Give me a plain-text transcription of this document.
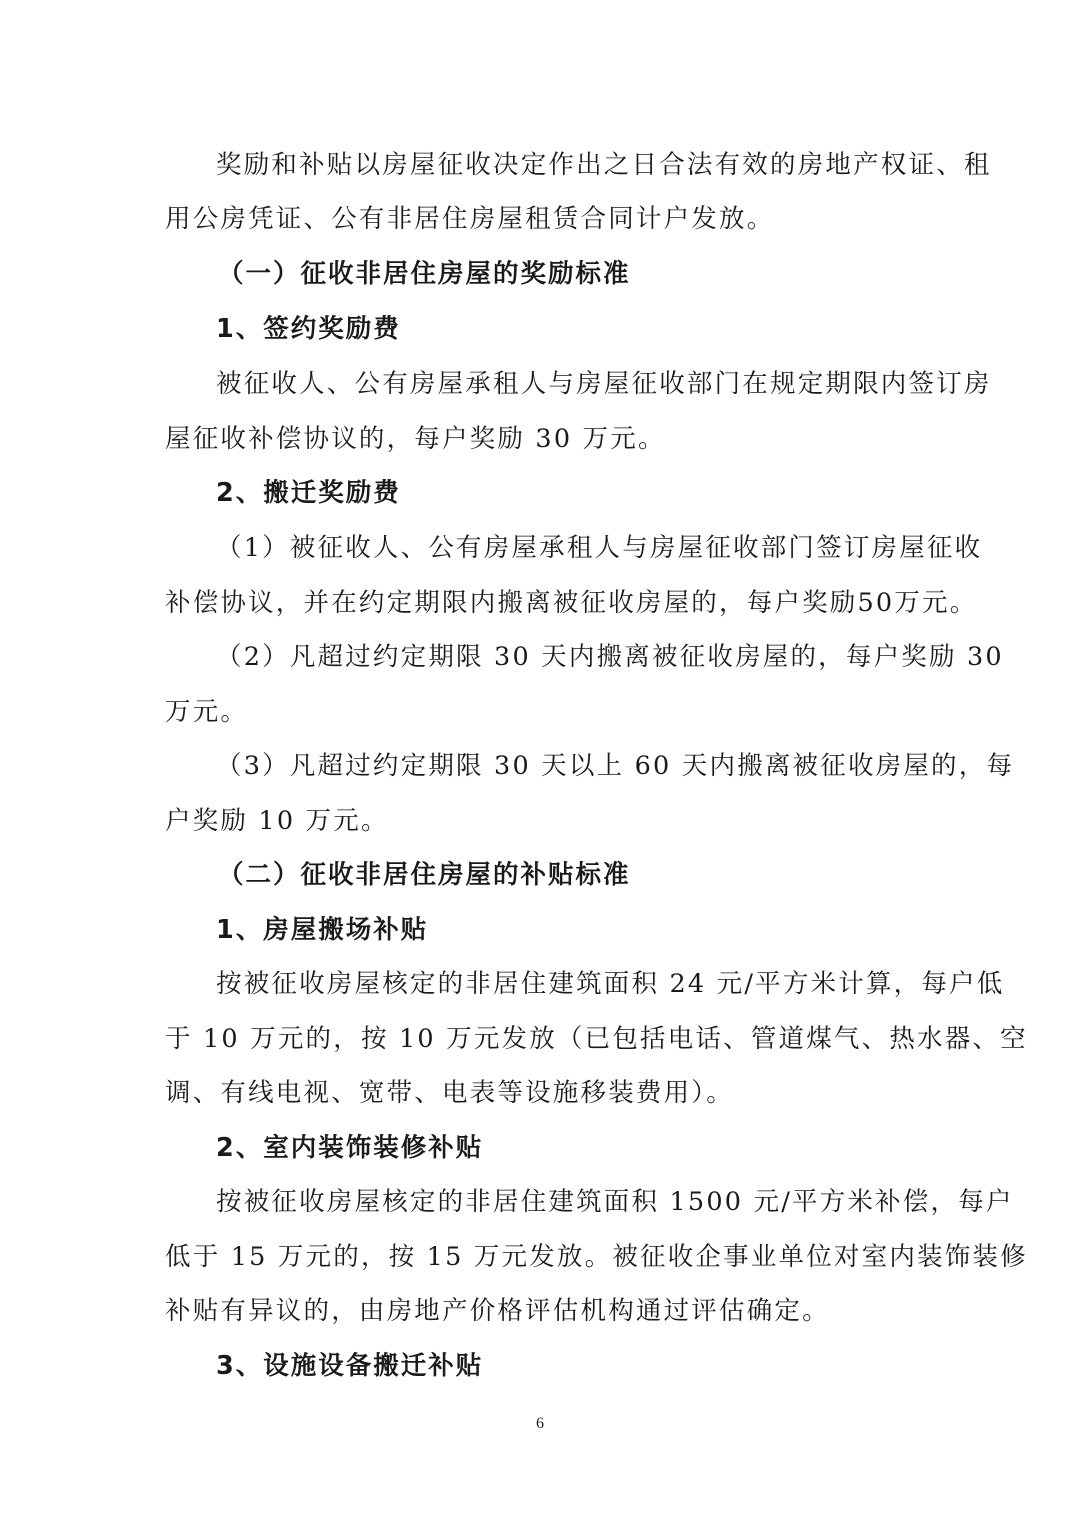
奖励和补贴以房屋征收决定作出之日合法有效的房地产权证、租
用公房凭证、公有非居住房屋租赁合同计户发放。
（一）征收非居住房屋的奖励标准
1、签约奖励费
被征收人、公有房屋承租人与房屋征收部门在规定期限内签订房
屋征收补偿协议的，每户奖励 30 万元。
2、搬迁奖励费
（1）被征收人、公有房屋承租人与房屋征收部门签订房屋征收
补偿协议，并在约定期限内搬离被征收房屋的，每户奖励50万元。
（2）凡超过约定期限 30 天内搬离被征收房屋的，每户奖励 30
万元。
（3）凡超过约定期限 30 天以上 60 天内搬离被征收房屋的，每
户奖励 10 万元。
（二）征收非居住房屋的补贴标准
1、房屋搬场补贴
按被征收房屋核定的非居住建筑面积 24 元/平方米计算，每户低
于 10 万元的，按 10 万元发放（已包括电话、管道煤气、热水器、空
调、有线电视、宽带、电表等设施移装费用）。
2、室内装饰装修补贴
按被征收房屋核定的非居住建筑面积 1500 元/平方米补偿，每户
低于 15 万元的，按 15 万元发放。被征收企事业单位对室内装饰装修
补贴有异议的，由房地产价格评估机构通过评估确定。
3、设施设备搬迁补贴
6
